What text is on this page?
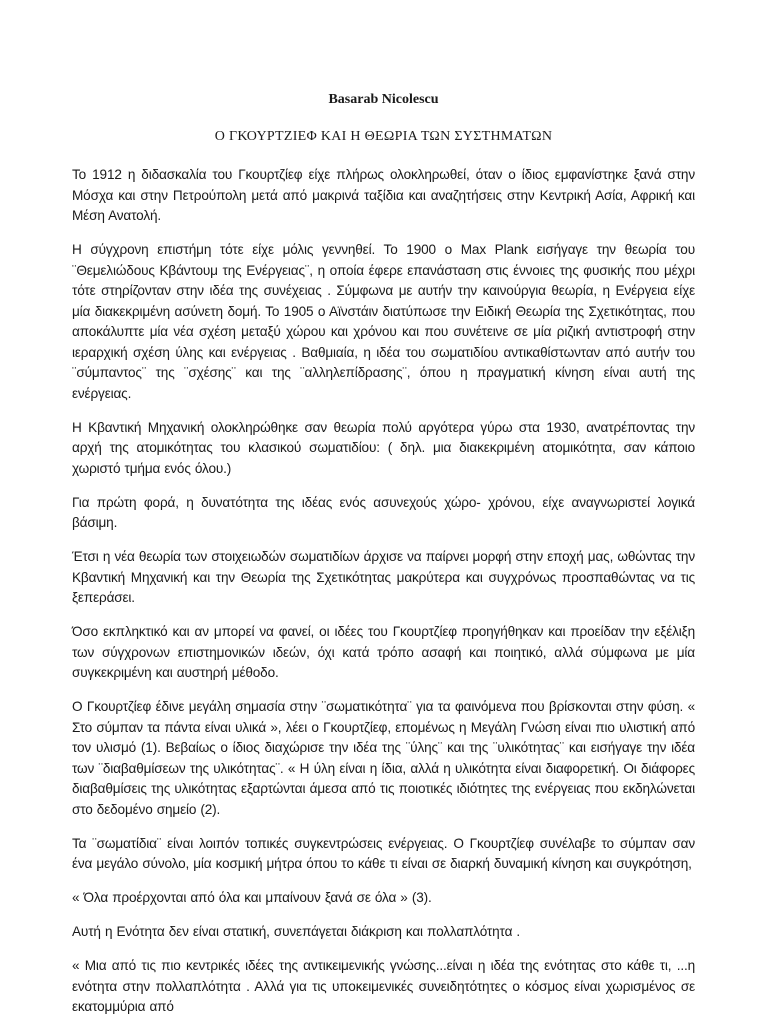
Basarab Nicolescu
Ο ΓΚΟΥΡΤΖΙΕΦ ΚΑΙ Η ΘΕΩΡΙΑ ΤΩΝ ΣΥΣΤΗΜΑΤΩΝ

Το 1912 η διδασκαλία του Γκουρτζίεφ είχε πλήρως ολοκληρωθεί, όταν ο ίδιος εμφανίστηκε ξανά στην Μόσχα και στην Πετρούπολη μετά από μακρινά ταξίδια και αναζητήσεις στην Κεντρική Ασία, Αφρική και Μέση Ανατολή.

Η σύγχρονη επιστήμη τότε είχε μόλις γεννηθεί. Το 1900 ο Max Plank εισήγαγε την θεωρία του ¨Θεμελιώδους Κβάντουμ της Ενέργειας¨, η οποία έφερε επανάσταση στις έννοιες της φυσικής που μέχρι τότε στηρίζονταν στην ιδέα της συνέχειας . Σύμφωνα με αυτήν την καινούργια θεωρία, η Ενέργεια είχε μία διακεκριμένη ασύνετη δομή. Το 1905 ο Αϊνστάιν διατύπωσε την Ειδική Θεωρία της Σχετικότητας, που αποκάλυπτε μία νέα σχέση μεταξύ χώρου και χρόνου και που συνέτεινε σε μία ριζική αντιστροφή στην ιεραρχική σχέση ύλης και ενέργειας . Βαθμιαία, η ιδέα του σωματιδίου αντικαθίστωνταν από αυτήν του ¨σύμπαντος¨ της ¨σχέσης¨ και της ¨αλληλεπίδρασης¨, όπου η πραγματική κίνηση είναι αυτή της ενέργειας.

Η Κβαντική Μηχανική ολοκληρώθηκε σαν θεωρία πολύ αργότερα γύρω στα 1930, ανατρέποντας την αρχή της ατομικότητας του κλασικού σωματιδίου: ( δηλ. μια διακεκριμένη ατομικότητα, σαν κάποιο χωριστό τμήμα ενός όλου.)

Για πρώτη φορά, η δυνατότητα της ιδέας ενός ασυνεχούς χώρο- χρόνου, είχε αναγνωριστεί λογικά βάσιμη.

Έτσι η νέα θεωρία των στοιχειωδών σωματιδίων άρχισε να παίρνει μορφή στην εποχή μας, ωθώντας την Κβαντική Μηχανική και την Θεωρία της Σχετικότητας μακρύτερα και συγχρόνως προσπαθώντας να τις ξεπεράσει.

Όσο εκπληκτικό και αν μπορεί να φανεί, οι ιδέες του Γκουρτζίεφ προηγήθηκαν και προείδαν την εξέλιξη των σύγχρονων επιστημονικών ιδεών, όχι κατά τρόπο ασαφή και ποιητικό, αλλά σύμφωνα με μία συγκεκριμένη και αυστηρή μέθοδο.

Ο Γκουρτζίεφ έδινε μεγάλη σημασία στην ¨σωματικότητα¨ για τα φαινόμενα που βρίσκονται στην φύση. « Στο σύμπαν τα πάντα είναι υλικά », λέει ο Γκουρτζίεφ, επομένως η Μεγάλη Γνώση είναι πιο υλιστική από τον υλισμό (1). Βεβαίως ο ίδιος διαχώρισε την ιδέα της ¨ύλης¨ και της ¨υλικότητας¨ και εισήγαγε την ιδέα των ¨διαβαθμίσεων της υλικότητας¨. « Η ύλη είναι η ίδια, αλλά η υλικότητα είναι διαφορετική. Οι διάφορες διαβαθμίσεις της υλικότητας εξαρτώνται άμεσα από τις ποιοτικές ιδιότητες της ενέργειας που εκδηλώνεται στο δεδομένο σημείο (2).

Τα ¨σωματίδια¨ είναι λοιπόν τοπικές συγκεντρώσεις ενέργειας. Ο Γκουρτζίεφ συνέλαβε το σύμπαν σαν ένα μεγάλο σύνολο, μία κοσμική μήτρα όπου το κάθε τι είναι σε διαρκή δυναμική κίνηση και συγκρότηση,

« Όλα προέρχονται από όλα και μπαίνουν ξανά σε όλα » (3).

Αυτή η Ενότητα δεν είναι στατική, συνεπάγεται διάκριση και πολλαπλότητα .

« Μια από τις πιο κεντρικές ιδέες της αντικειμενικής γνώσης...είναι η ιδέα της ενότητας στο κάθε τι, ...η ενότητα στην πολλαπλότητα . Αλλά για τις υποκειμενικές συνειδητότητες ο κόσμος είναι χωρισμένος σε εκατομμύρια από
